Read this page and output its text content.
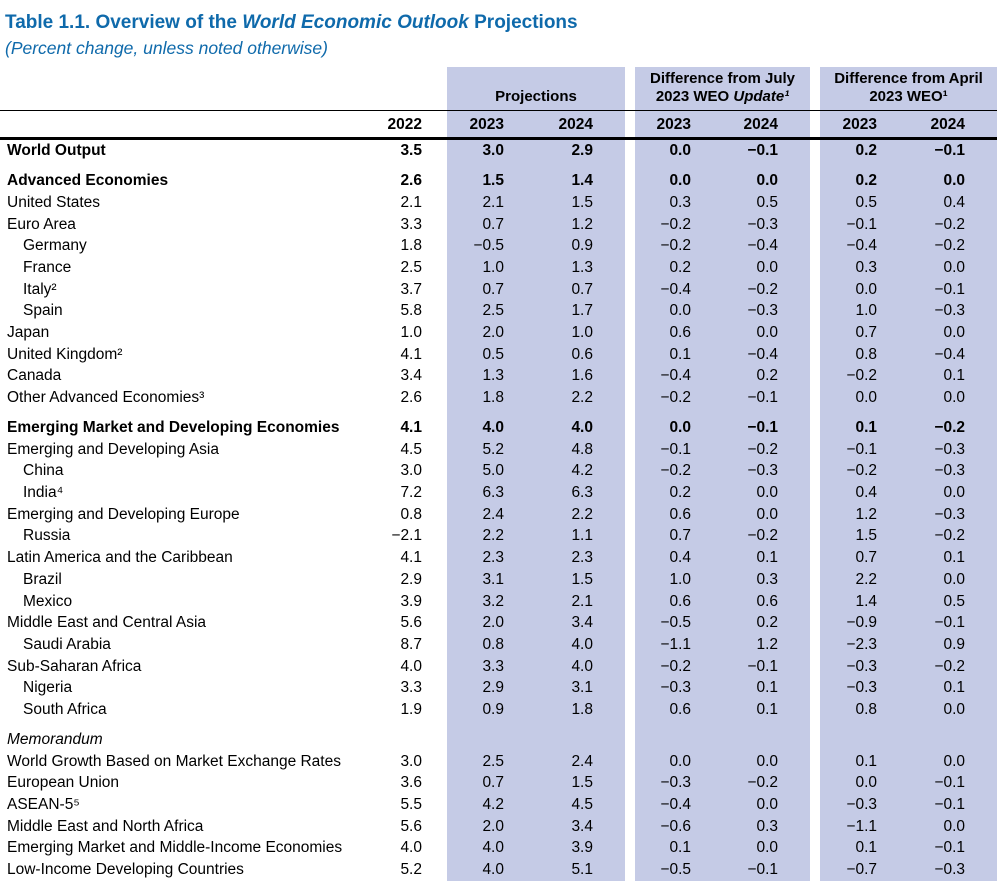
Table 1.1. Overview of the World Economic Outlook Projections
(Percent change, unless noted otherwise)

Projections

Difference from July
2023 WEO Update¹

Difference from April
2023 WEO¹

	2022	2023	2024		2023	2024		2023	2024
World Output	3.5	3.0	2.9		0.0	−0.1		0.2	−0.1
Advanced Economies	2.6	1.5	1.4		0.0	0.0		0.2	0.0
United States	2.1	2.1	1.5		0.3	0.5		0.5	0.4
Euro Area	3.3	0.7	1.2		−0.2	−0.3		−0.1	−0.2
Germany	1.8	−0.5	0.9		−0.2	−0.4		−0.4	−0.2
France	2.5	1.0	1.3		0.2	0.0		0.3	0.0
Italy²	3.7	0.7	0.7		−0.4	−0.2		0.0	−0.1
Spain	5.8	2.5	1.7		0.0	−0.3		1.0	−0.3
Japan	1.0	2.0	1.0		0.6	0.0		0.7	0.0
United Kingdom²	4.1	0.5	0.6		0.1	−0.4		0.8	−0.4
Canada	3.4	1.3	1.6		−0.4	0.2		−0.2	0.1
Other Advanced Economies³	2.6	1.8	2.2		−0.2	−0.1		0.0	0.0
Emerging Market and Developing Economies	4.1	4.0	4.0		0.0	−0.1		0.1	−0.2
Emerging and Developing Asia	4.5	5.2	4.8		−0.1	−0.2		−0.1	−0.3
China	3.0	5.0	4.2		−0.2	−0.3		−0.2	−0.3
India⁴	7.2	6.3	6.3		0.2	0.0		0.4	0.0
Emerging and Developing Europe	0.8	2.4	2.2		0.6	0.0		1.2	−0.3
Russia	−2.1	2.2	1.1		0.7	−0.2		1.5	−0.2
Latin America and the Caribbean	4.1	2.3	2.3		0.4	0.1		0.7	0.1
Brazil	2.9	3.1	1.5		1.0	0.3		2.2	0.0
Mexico	3.9	3.2	2.1		0.6	0.6		1.4	0.5
Middle East and Central Asia	5.6	2.0	3.4		−0.5	0.2		−0.9	−0.1
Saudi Arabia	8.7	0.8	4.0		−1.1	1.2		−2.3	0.9
Sub-Saharan Africa	4.0	3.3	4.0		−0.2	−0.1		−0.3	−0.2
Nigeria	3.3	2.9	3.1		−0.3	0.1		−0.3	0.1
South Africa	1.9	0.9	1.8		0.6	0.1		0.8	0.0
Memorandum									
World Growth Based on Market Exchange Rates	3.0	2.5	2.4		0.0	0.0		0.1	0.0
European Union	3.6	0.7	1.5		−0.3	−0.2		0.0	−0.1
ASEAN-5⁵	5.5	4.2	4.5		−0.4	0.0		−0.3	−0.1
Middle East and North Africa	5.6	2.0	3.4		−0.6	0.3		−1.1	0.0
Emerging Market and Middle-Income Economies	4.0	4.0	3.9		0.1	0.0		0.1	−0.1
Low-Income Developing Countries	5.2	4.0	5.1		−0.5	−0.1		−0.7	−0.3
